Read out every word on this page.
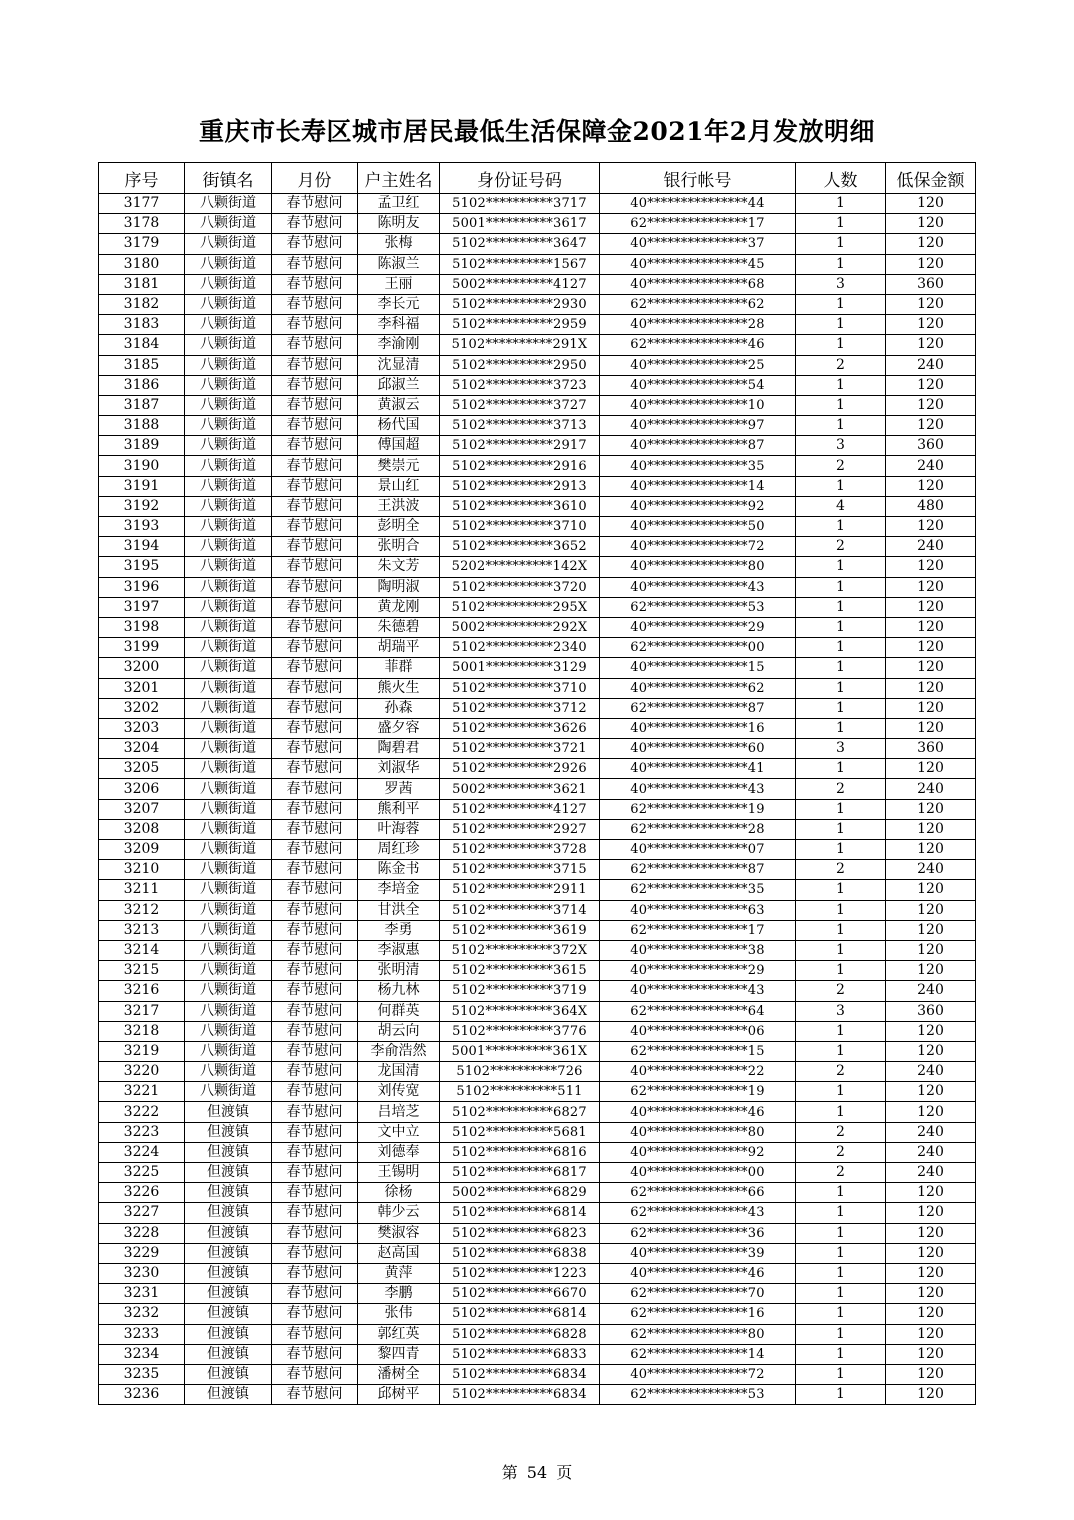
重庆市长寿区城市居民最低生活保障金2021年2月发放明细
序号	街镇名	月份	户主姓名	身份证号码	银行帐号	人数	低保金额
3177	八颗街道	春节慰问	孟卫红	5102**********3717	40***************44	1	120
3178	八颗街道	春节慰问	陈明友	5001**********3617	62***************17	1	120
3179	八颗街道	春节慰问	张梅	5102**********3647	40***************37	1	120
3180	八颗街道	春节慰问	陈淑兰	5102**********1567	40***************45	1	120
3181	八颗街道	春节慰问	王丽	5002**********4127	40***************68	3	360
3182	八颗街道	春节慰问	李长元	5102**********2930	62***************62	1	120
3183	八颗街道	春节慰问	李科福	5102**********2959	40***************28	1	120
3184	八颗街道	春节慰问	李渝刚	5102**********291X	62***************46	1	120
3185	八颗街道	春节慰问	沈显清	5102**********2950	40***************25	2	240
3186	八颗街道	春节慰问	邱淑兰	5102**********3723	40***************54	1	120
3187	八颗街道	春节慰问	黄淑云	5102**********3727	40***************10	1	120
3188	八颗街道	春节慰问	杨代国	5102**********3713	40***************97	1	120
3189	八颗街道	春节慰问	傅国超	5102**********2917	40***************87	3	360
3190	八颗街道	春节慰问	樊崇元	5102**********2916	40***************35	2	240
3191	八颗街道	春节慰问	景山红	5102**********2913	40***************14	1	120
3192	八颗街道	春节慰问	王洪波	5102**********3610	40***************92	4	480
3193	八颗街道	春节慰问	彭明全	5102**********3710	40***************50	1	120
3194	八颗街道	春节慰问	张明合	5102**********3652	40***************72	2	240
3195	八颗街道	春节慰问	朱文芳	5202**********142X	40***************80	1	120
3196	八颗街道	春节慰问	陶明淑	5102**********3720	40***************43	1	120
3197	八颗街道	春节慰问	黄龙刚	5102**********295X	62***************53	1	120
3198	八颗街道	春节慰问	朱德碧	5002**********292X	40***************29	1	120
3199	八颗街道	春节慰问	胡瑞平	5102**********2340	62***************00	1	120
3200	八颗街道	春节慰问	菲群	5001**********3129	40***************15	1	120
3201	八颗街道	春节慰问	熊火生	5102**********3710	40***************62	1	120
3202	八颗街道	春节慰问	孙森	5102**********3712	62***************87	1	120
3203	八颗街道	春节慰问	盛夕容	5102**********3626	40***************16	1	120
3204	八颗街道	春节慰问	陶碧君	5102**********3721	40***************60	3	360
3205	八颗街道	春节慰问	刘淑华	5102**********2926	40***************41	1	120
3206	八颗街道	春节慰问	罗茜	5002**********3621	40***************43	2	240
3207	八颗街道	春节慰问	熊利平	5102**********4127	62***************19	1	120
3208	八颗街道	春节慰问	叶海蓉	5102**********2927	62***************28	1	120
3209	八颗街道	春节慰问	周红珍	5102**********3728	40***************07	1	120
3210	八颗街道	春节慰问	陈金书	5102**********3715	62***************87	2	240
3211	八颗街道	春节慰问	李培金	5102**********2911	62***************35	1	120
3212	八颗街道	春节慰问	甘洪全	5102**********3714	40***************63	1	120
3213	八颗街道	春节慰问	李勇	5102**********3619	62***************17	1	120
3214	八颗街道	春节慰问	李淑惠	5102**********372X	40***************38	1	120
3215	八颗街道	春节慰问	张明清	5102**********3615	40***************29	1	120
3216	八颗街道	春节慰问	杨九林	5102**********3719	40***************43	2	240
3217	八颗街道	春节慰问	何群英	5102**********364X	62***************64	3	360
3218	八颗街道	春节慰问	胡云向	5102**********3776	40***************06	1	120
3219	八颗街道	春节慰问	李俞浩然	5001**********361X	62***************15	1	120
3220	八颗街道	春节慰问	龙国清	5102**********726	40***************22	2	240
3221	八颗街道	春节慰问	刘传宽	5102**********511	62***************19	1	120
3222	但渡镇	春节慰问	吕培芝	5102**********6827	40***************46	1	120
3223	但渡镇	春节慰问	文中立	5102**********5681	40***************80	2	240
3224	但渡镇	春节慰问	刘德奉	5102**********6816	40***************92	2	240
3225	但渡镇	春节慰问	王锡明	5102**********6817	40***************00	2	240
3226	但渡镇	春节慰问	徐杨	5002**********6829	62***************66	1	120
3227	但渡镇	春节慰问	韩少云	5102**********6814	62***************43	1	120
3228	但渡镇	春节慰问	樊淑容	5102**********6823	62***************36	1	120
3229	但渡镇	春节慰问	赵高国	5102**********6838	40***************39	1	120
3230	但渡镇	春节慰问	黄萍	5102**********1223	40***************46	1	120
3231	但渡镇	春节慰问	李鹏	5102**********6670	62***************70	1	120
3232	但渡镇	春节慰问	张伟	5102**********6814	62***************16	1	120
3233	但渡镇	春节慰问	郭红英	5102**********6828	62***************80	1	120
3234	但渡镇	春节慰问	黎四青	5102**********6833	62***************14	1	120
3235	但渡镇	春节慰问	潘树全	5102**********6834	40***************72	1	120
3236	但渡镇	春节慰问	邱树平	5102**********6834	62***************53	1	120
第 54 页
